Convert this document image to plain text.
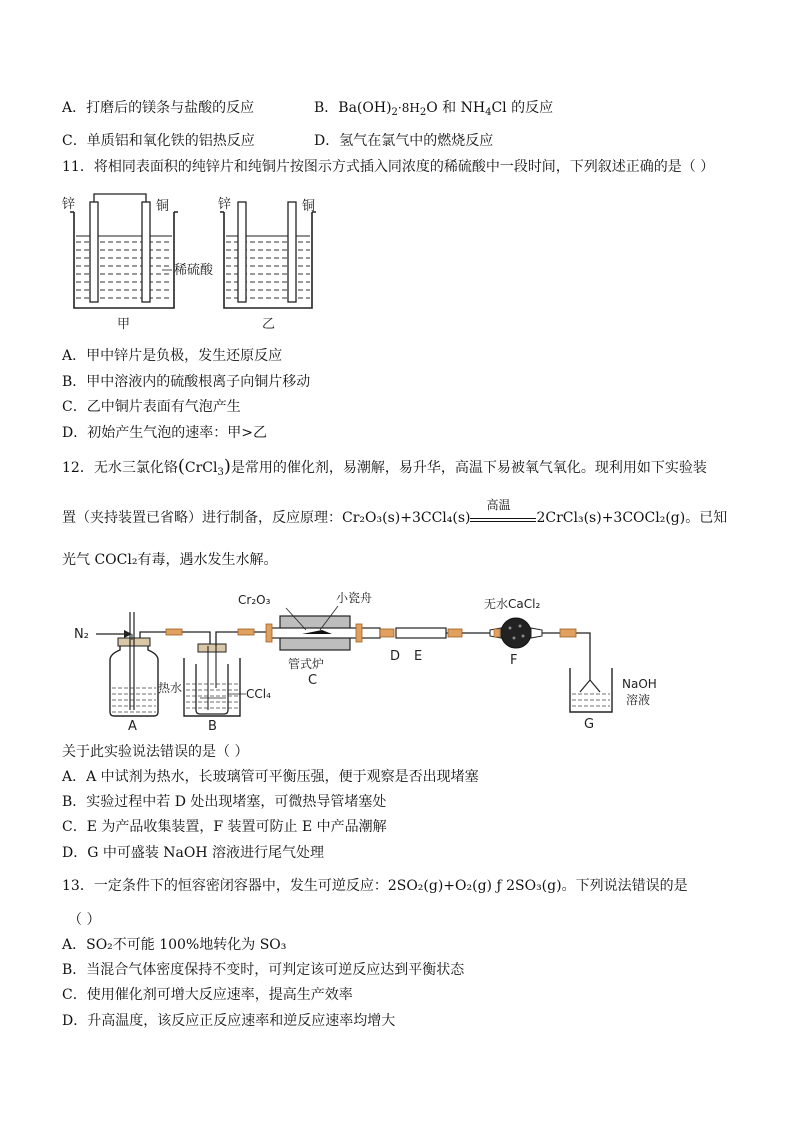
A．打磨后的镁条与盐酸的反应	B．$Ba(OH)_2\cdot 8H_2O$ 和 $NH_4Cl$ 的反应
C．单质铝和氧化铁的铝热反应	D．氢气在氯气中的燃烧反应
11．将相同表面积的纯锌片和纯铜片按图示方式插入同浓度的稀硫酸中一段时间，下列叙述正确的是（ ）
锌	铜
甲
稀硫酸
锌	铜
乙
A．甲中锌片是负极，发生还原反应
B．甲中溶液内的硫酸根离子向铜片移动
C．乙中铜片表面有气泡产生
D．初始产生气泡的速率：甲>乙
12．无水三氯化铬(CrCl$_3$)是常用的催化剂，易潮解，易升华，高温下易被氧气氧化。现利用如下实验装
置（夹持装置已省略）进行制备，反应原理：Cr₂O₃(s)+3CCl₄(s)
高温
2CrCl₃(s)+3COCl₂(g)。已知
光气 COCl₂有毒，遇水发生水解。
N₂
A
热水	CCl₄
B
Cr₂O₃	小瓷舟
管式炉
C
D E
无水CaCl₂
F
NaOH
溶液
G
关于此实验说法错误的是（ ）
A．A 中试剂为热水，长玻璃管可平衡压强，便于观察是否出现堵塞
B．实验过程中若 D 处出现堵塞，可微热导管堵塞处
C．E 为产品收集装置，F 装置可防止 E 中产品潮解
D．G 中可盛装 NaOH 溶液进行尾气处理
13．一定条件下的恒容密闭容器中，发生可逆反应：2SO₂(g)+O₂(g) ƒ 2SO₃(g)。下列说法错误的是
（ ）
A．SO₂不可能 100%地转化为 SO₃
B．当混合气体密度保持不变时，可判定该可逆反应达到平衡状态
C．使用催化剂可增大反应速率，提高生产效率
D．升高温度，该反应正反应速率和逆反应速率均增大
